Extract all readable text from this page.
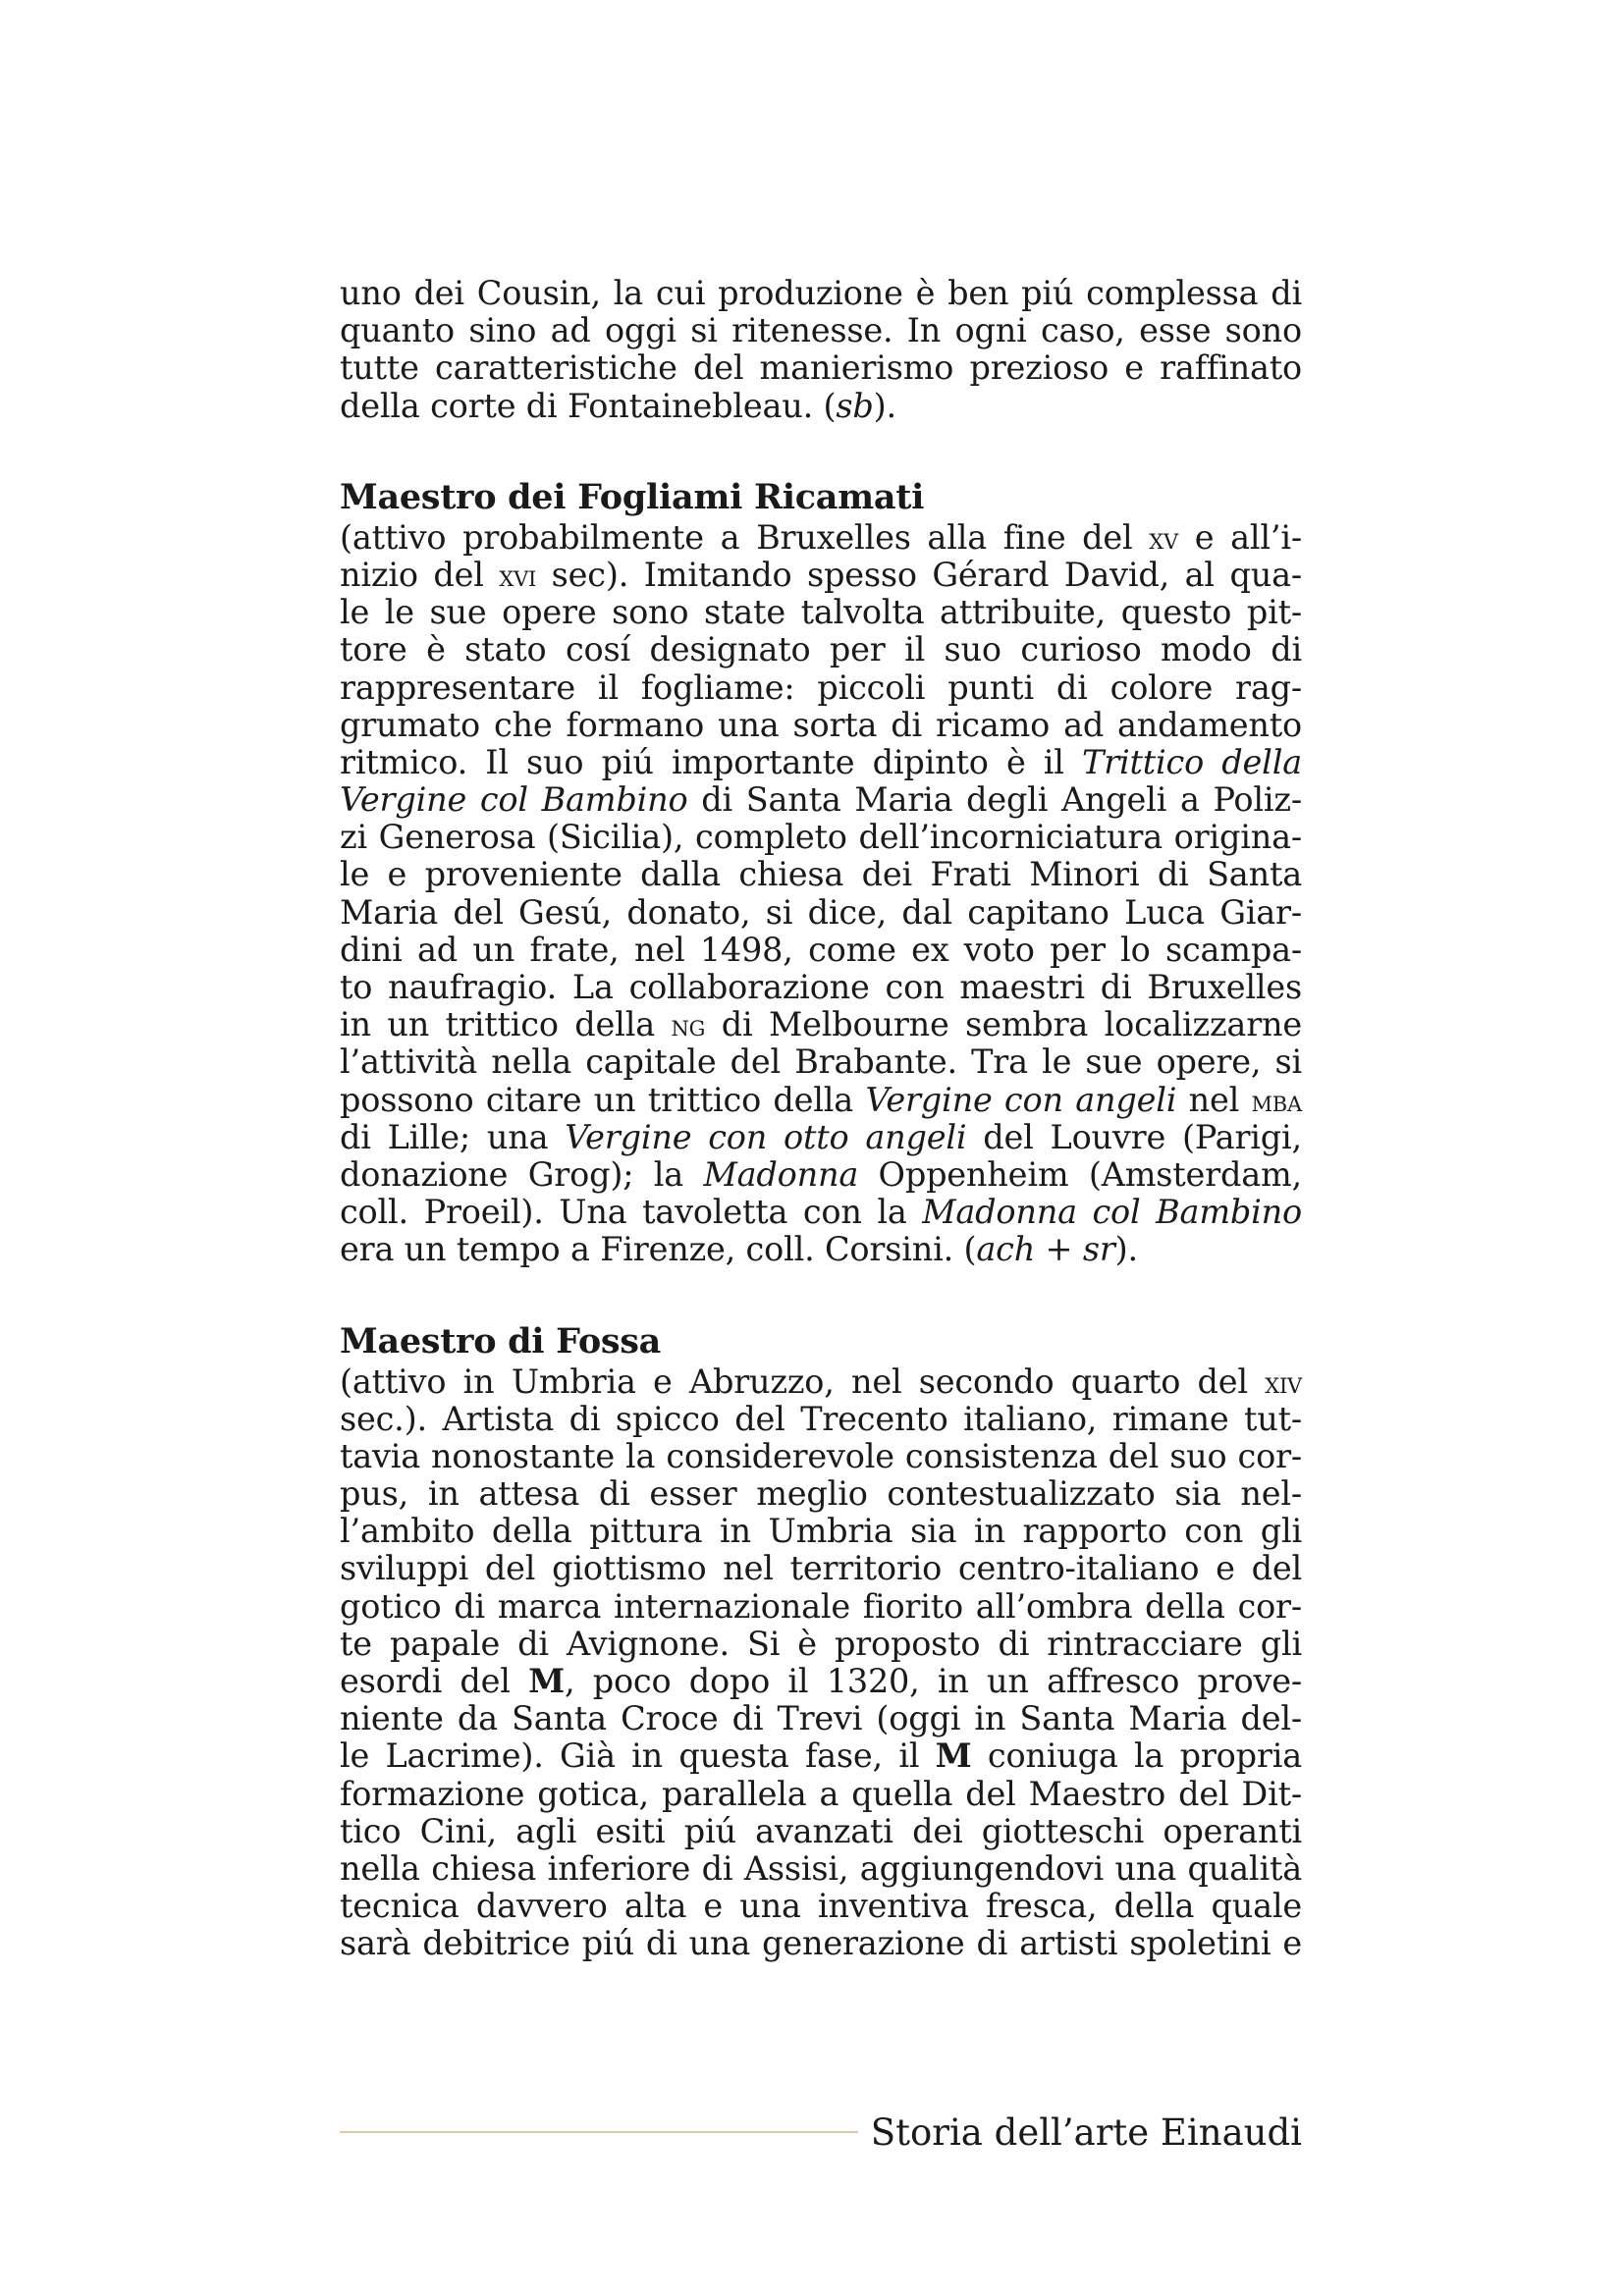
uno dei Cousin, la cui produzione è ben piú complessa di
quanto sino ad oggi si ritenesse. In ogni caso, esse sono
tutte caratteristiche del manierismo prezioso e raffinato
della corte di Fontainebleau. (sb).
Maestro dei Fogliami Ricamati
(attivo probabilmente a Bruxelles alla fine del xv e all’i-
nizio del xvi sec). Imitando spesso Gérard David, al qua-
le le sue opere sono state talvolta attribuite, questo pit-
tore è stato cosí designato per il suo curioso modo di
rappresentare il fogliame: piccoli punti di colore rag-
grumato che formano una sorta di ricamo ad andamento
ritmico. Il suo piú importante dipinto è il Trittico della
Vergine col Bambino di Santa Maria degli Angeli a Poliz-
zi Generosa (Sicilia), completo dell’incorniciatura origina-
le e proveniente dalla chiesa dei Frati Minori di Santa
Maria del Gesú, donato, si dice, dal capitano Luca Giar-
dini ad un frate, nel 1498, come ex voto per lo scampa-
to naufragio. La collaborazione con maestri di Bruxelles
in un trittico della ng di Melbourne sembra localizzarne
l’attività nella capitale del Brabante. Tra le sue opere, si
possono citare un trittico della Vergine con angeli nel mba
di Lille; una Vergine con otto angeli del Louvre (Parigi,
donazione Grog); la Madonna Oppenheim (Amsterdam,
coll. Proeil). Una tavoletta con la Madonna col Bambino
era un tempo a Firenze, coll. Corsini. (ach + sr).
Maestro di Fossa
(attivo in Umbria e Abruzzo, nel secondo quarto del xiv
sec.). Artista di spicco del Trecento italiano, rimane tut-
tavia nonostante la considerevole consistenza del suo cor-
pus, in attesa di esser meglio contestualizzato sia nel-
l’ambito della pittura in Umbria sia in rapporto con gli
sviluppi del giottismo nel territorio centro-italiano e del
gotico di marca internazionale fiorito all’ombra della cor-
te papale di Avignone. Si è proposto di rintracciare gli
esordi del M, poco dopo il 1320, in un affresco prove-
niente da Santa Croce di Trevi (oggi in Santa Maria del-
le Lacrime). Già in questa fase, il M coniuga la propria
formazione gotica, parallela a quella del Maestro del Dit-
tico Cini, agli esiti piú avanzati dei giotteschi operanti
nella chiesa inferiore di Assisi, aggiungendovi una qualità
tecnica davvero alta e una inventiva fresca, della quale
sarà debitrice piú di una generazione di artisti spoletini e
Storia dell’arte Einaudi
